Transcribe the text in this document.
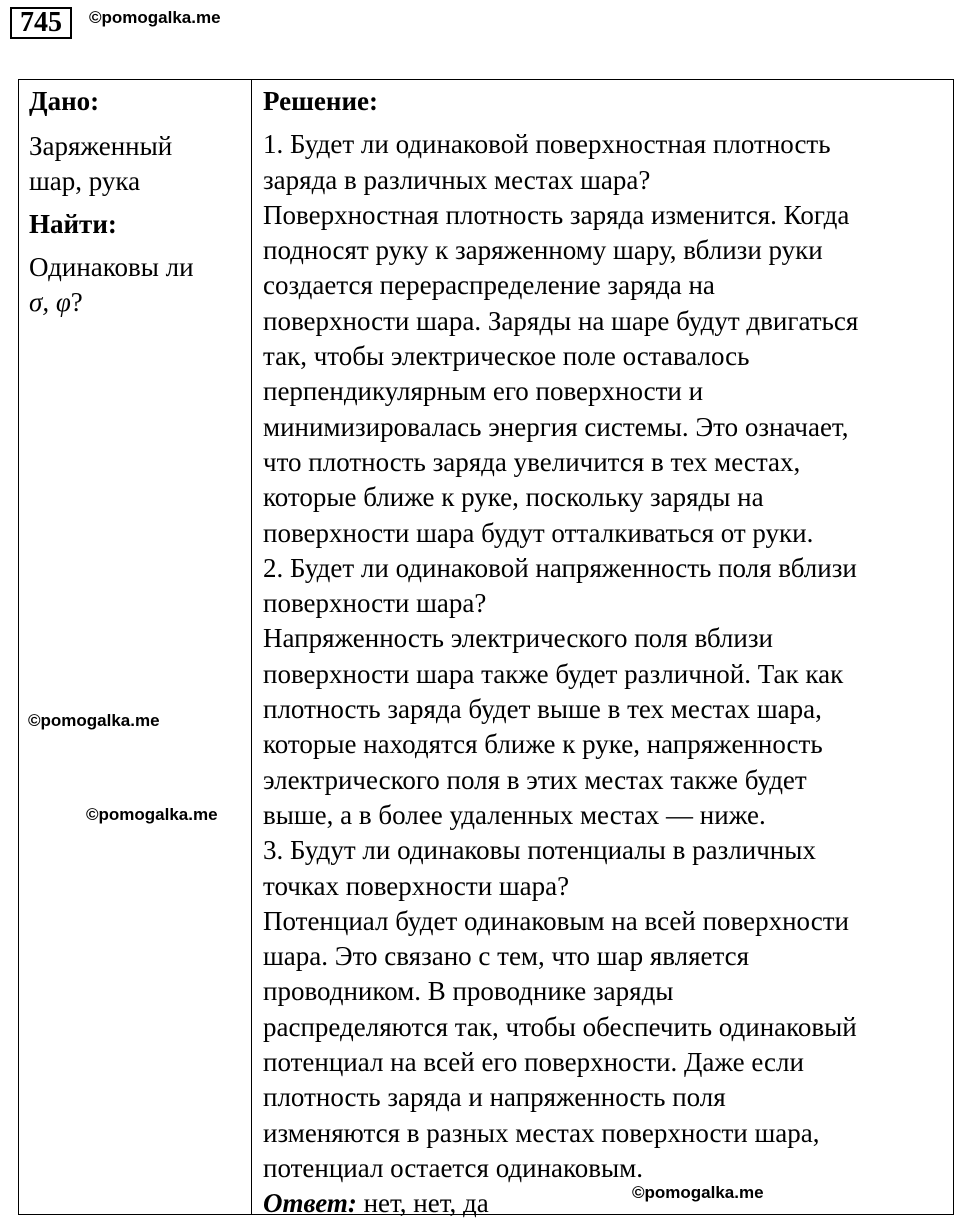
745	©pomogalka.me
Дано:
Заряженный
шар, рука
Найти:
Одинаковы ли
σ, φ?
Решение:
1. Будет ли одинаковой поверхностная плотность
заряда в различных местах шара?
Поверхностная плотность заряда изменится. Когда
подносят руку к заряженному шару, вблизи руки
создается перераспределение заряда на
поверхности шара. Заряды на шаре будут двигаться
так, чтобы электрическое поле оставалось
перпендикулярным его поверхности и
минимизировалась энергия системы. Это означает,
что плотность заряда увеличится в тех местах,
которые ближе к руке, поскольку заряды на
поверхности шара будут отталкиваться от руки.
2. Будет ли одинаковой напряженность поля вблизи
поверхности шара?
Напряженность электрического поля вблизи
поверхности шара также будет различной. Так как
плотность заряда будет выше в тех местах шара,
которые находятся ближе к руке, напряженность
электрического поля в этих местах также будет
выше, а в более удаленных местах — ниже.
3. Будут ли одинаковы потенциалы в различных
точках поверхности шара?
Потенциал будет одинаковым на всей поверхности
шара. Это связано с тем, что шар является
проводником. В проводнике заряды
распределяются так, чтобы обеспечить одинаковый
потенциал на всей его поверхности. Даже если
плотность заряда и напряженность поля
изменяются в разных местах поверхности шара,
потенциал остается одинаковым.
Ответ: нет, нет, да
©pomogalka.me
©pomogalka.me
©pomogalka.me
